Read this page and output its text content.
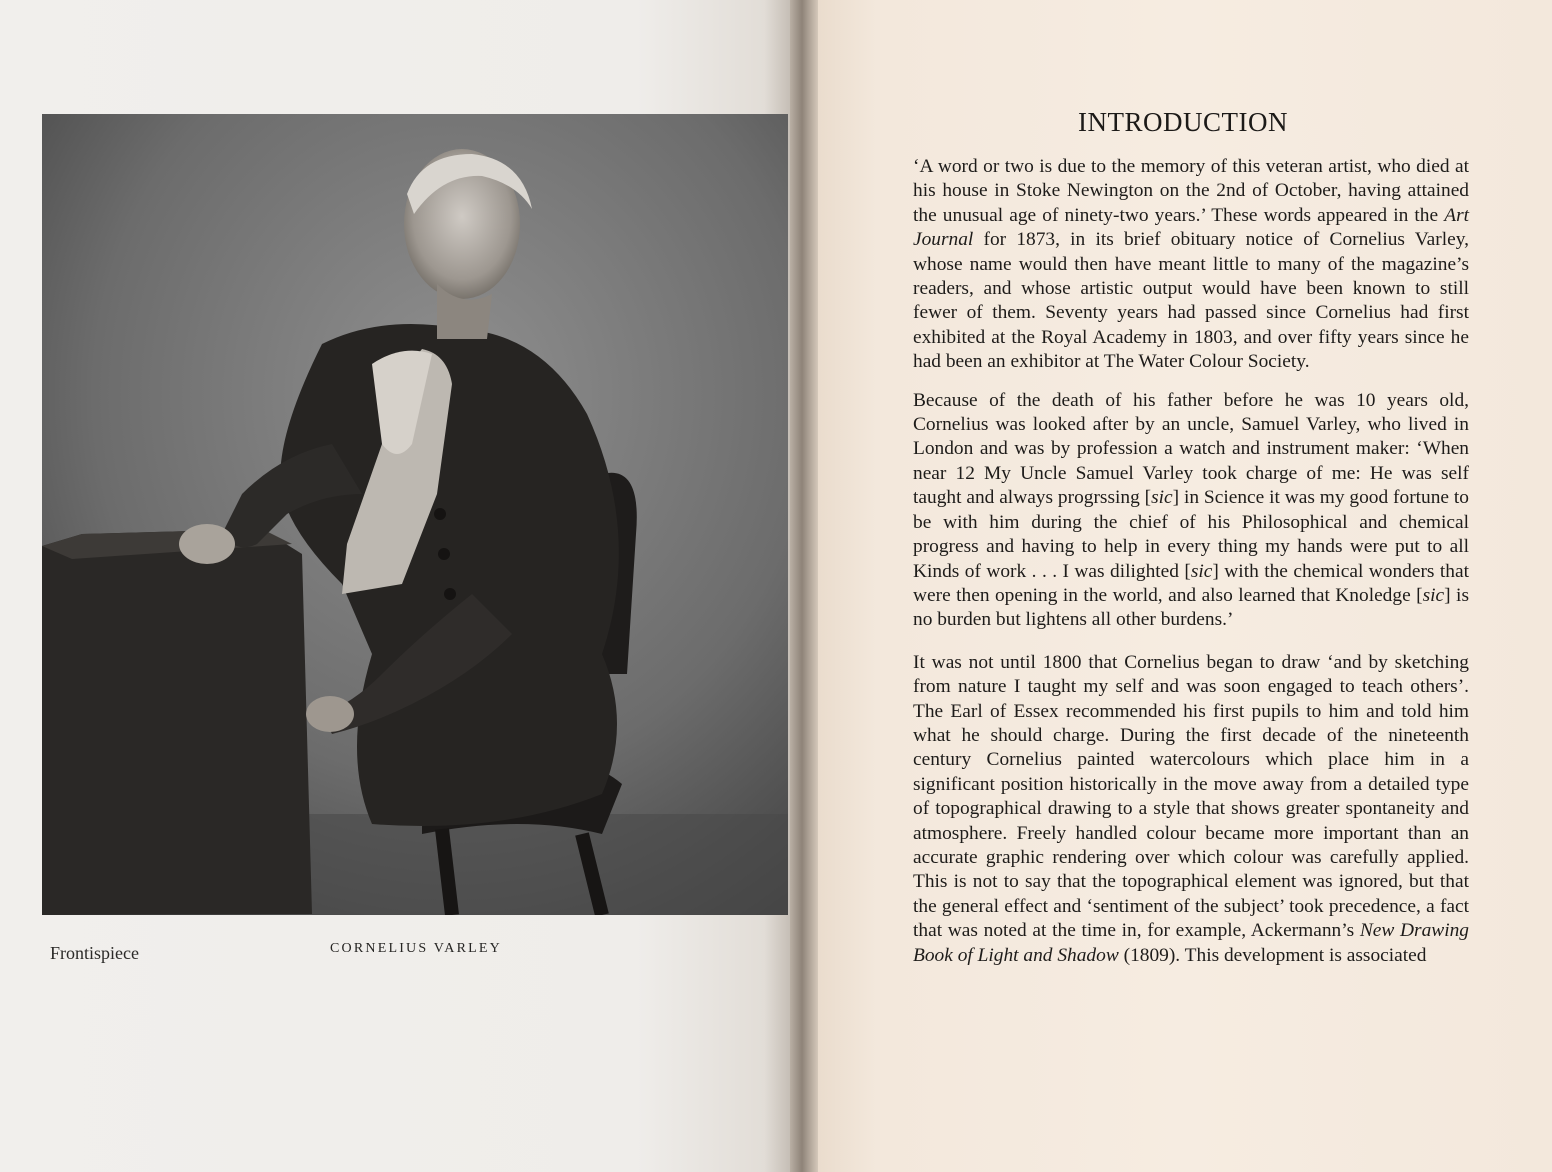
Frontispiece	CORNELIUS VARLEY
INTRODUCTION

‘A word or two is due to the memory of this veteran artist, who died at his house in Stoke Newington on the 2nd of October, having attained the unusual age of ninety-two years.’ These words appeared in the Art Journal for 1873, in its brief obituary notice of Cornelius Varley, whose name would then have meant little to many of the magazine’s readers, and whose artistic output would have been known to still fewer of them. Seventy years had passed since Cornelius had first exhibited at the Royal Academy in 1803, and over fifty years since he had been an exhibitor at The Water Colour Society.

Because of the death of his father before he was 10 years old, Cornelius was looked after by an uncle, Samuel Varley, who lived in London and was by profession a watch and instrument maker: ‘When near 12 My Uncle Samuel Varley took charge of me: He was self taught and always progrssing [sic] in Science it was my good fortune to be with him during the chief of his Philosophical and chemical progress and having to help in every thing my hands were put to all Kinds of work . . . I was dilighted [sic] with the chemical wonders that were then opening in the world, and also learned that Knoledge [sic] is no burden but lightens all other burdens.’

It was not until 1800 that Cornelius began to draw ‘and by sketching from nature I taught my self and was soon engaged to teach others’. The Earl of Essex recommended his first pupils to him and told him what he should charge. During the first decade of the nineteenth century Cornelius painted watercolours which place him in a significant position historically in the move away from a detailed type of topographical drawing to a style that shows greater spontaneity and atmosphere. Freely handled colour became more important than an accurate graphic rendering over which colour was carefully applied. This is not to say that the topographical element was ignored, but that the general effect and ‘sentiment of the subject’ took precedence, a fact that was noted at the time in, for example, Ackermann’s New Drawing Book of Light and Shadow (1809). This development is associated
